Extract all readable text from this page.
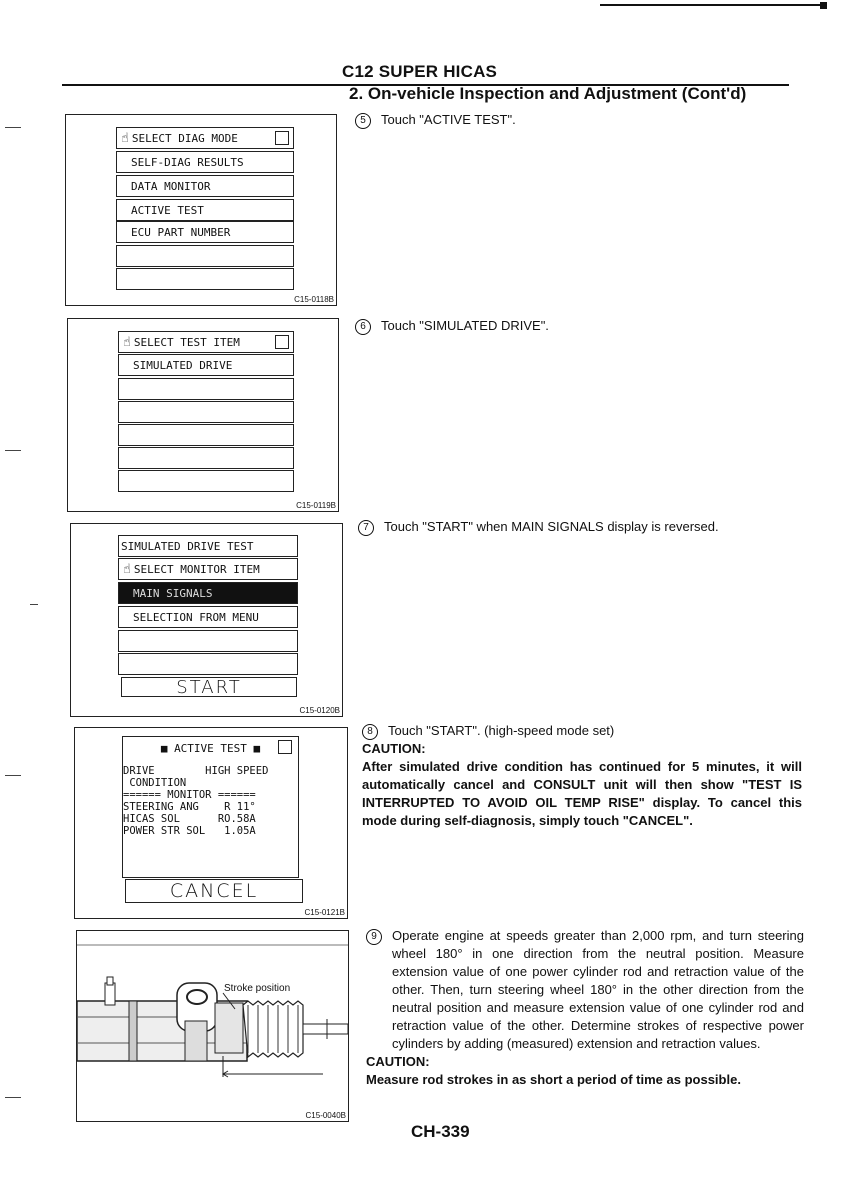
C12 SUPER HICAS
2. On-vehicle Inspection and Adjustment (Cont'd)
☝ SELECT DIAG MODE
SELF-DIAG RESULTS
DATA MONITOR
ACTIVE TEST
ECU PART NUMBER
C15-0118B
5 Touch "ACTIVE TEST".
☝ SELECT TEST ITEM
SIMULATED DRIVE
C15-0119B
6 Touch "SIMULATED DRIVE".
SIMULATED DRIVE TEST
☝ SELECT MONITOR ITEM
MAIN SIGNALS
SELECTION FROM MENU
START
C15-0120B
7 Touch "START" when MAIN SIGNALS display is reversed.
■ ACTIVE TEST ■
DRIVE        HIGH SPEED
CONDITION
====== MONITOR ======
STEERING ANG    R 11°
HICAS SOL      RO.58A
POWER STR SOL   1.05A
CANCEL
C15-0121B
8 Touch "START". (high-speed mode set)
CAUTION:
After simulated drive condition has continued for 5 minutes, it will automatically cancel and CONSULT unit will then show "TEST IS INTERRUPTED TO AVOID OIL TEMP RISE" display. To cancel this mode during self-diagnosis, simply touch "CANCEL".
Stroke position
C15-0040B
9	Operate engine at speeds greater than 2,000 rpm, and turn steering wheel 180° in one direction from the neutral position. Measure extension value of one power cylinder rod and retraction value of the other. Then, turn steering wheel 180° in the other direction from the neutral position and measure extension value of one cylinder rod and retraction value of the other. Determine strokes of respective power cylinders by adding (measured) extension and retraction values.
CAUTION:
Measure rod strokes in as short a period of time as possible.
CH-339
